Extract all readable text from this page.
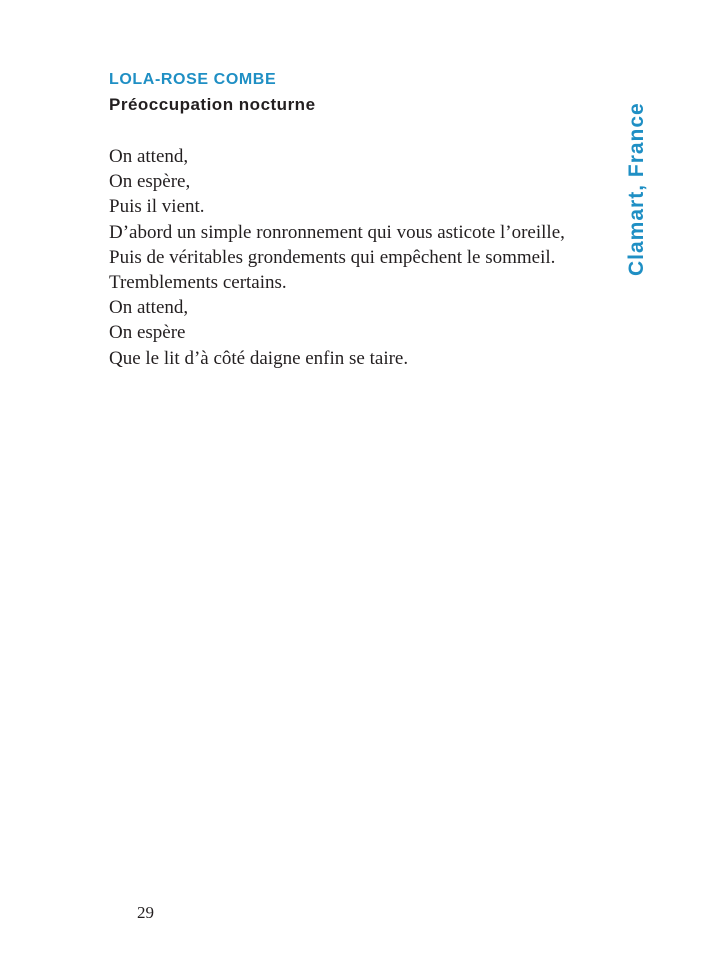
LOLA-ROSE COMBE
Préoccupation nocturne
On attend,
On espère,
Puis il vient.
D’abord un simple ronronnement qui vous asticote l’oreille,
Puis de véritables grondements qui empêchent le sommeil.
Tremblements certains.
On attend,
On espère
Que le lit d’à côté daigne enfin se taire.
Clamart, France
29
